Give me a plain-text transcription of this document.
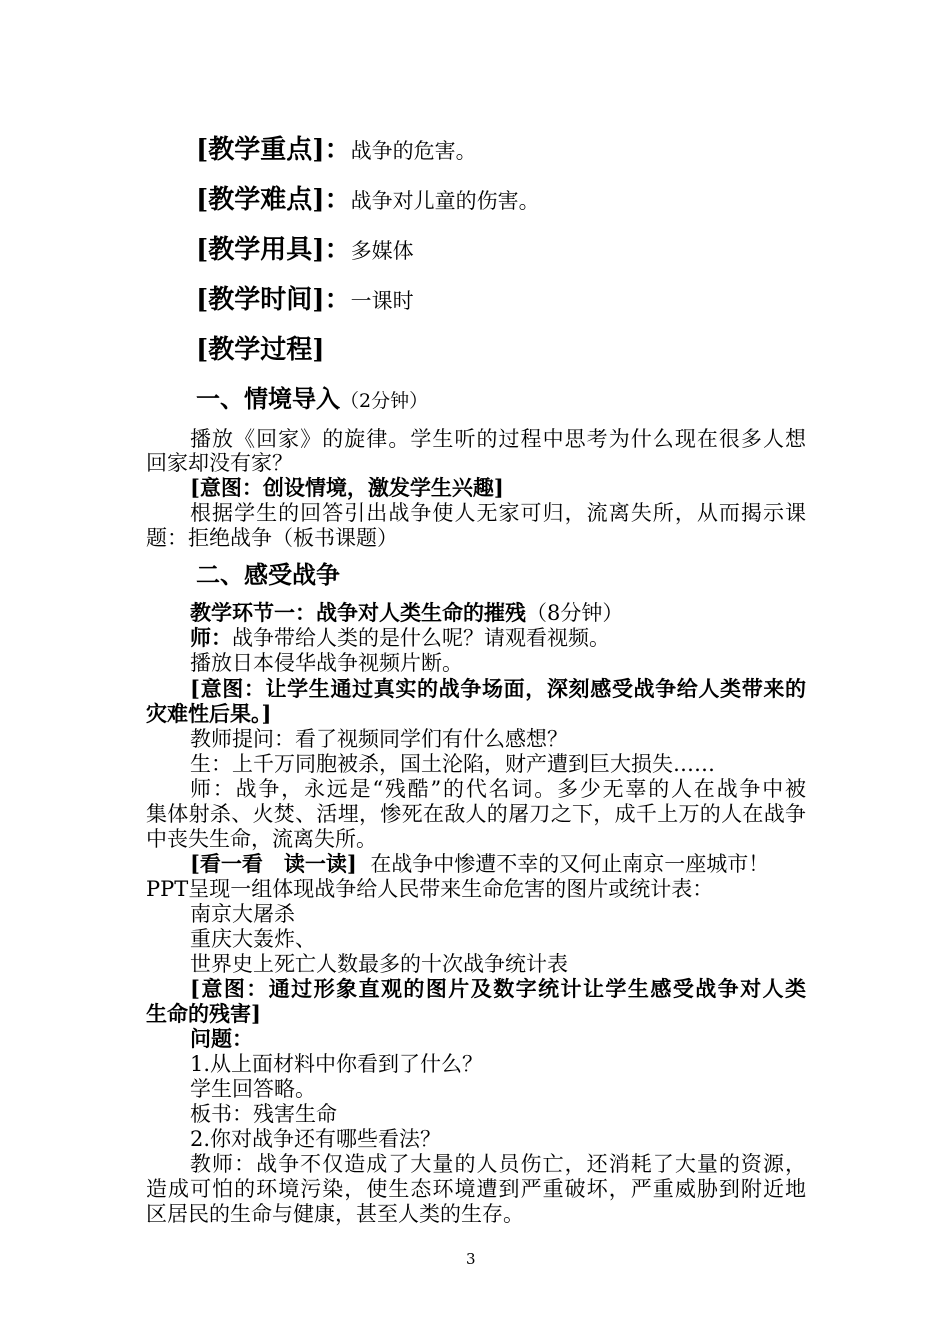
[教学重点]：战争的危害。
[教学难点]：战争对儿童的伤害。
[教学用具]：多媒体
[教学时间]：一课时
[教学过程]
一、情境导入（2分钟）
播放《回家》的旋律。学生听的过程中思考为什么现在很多人想
回家却没有家？
[意图：创设情境，激发学生兴趣]
根据学生的回答引出战争使人无家可归，流离失所，从而揭示课
题：拒绝战争（板书课题）
二、感受战争
教学环节一：战争对人类生命的摧残（8分钟）
师：战争带给人类的是什么呢？请观看视频。
播放日本侵华战争视频片断。
[意图：让学生通过真实的战争场面，深刻感受战争给人类带来的
灾难性后果。]
教师提问：看了视频同学们有什么感想？
生：上千万同胞被杀，国土沦陷，财产遭到巨大损失……
师：战争，永远是“残酷”的代名词。多少无辜的人在战争中被
集体射杀、火焚、活埋，惨死在敌人的屠刀之下，成千上万的人在战争
中丧失生命，流离失所。
[看一看　读一读] 在战争中惨遭不幸的又何止南京一座城市！
PPT呈现一组体现战争给人民带来生命危害的图片或统计表：
南京大屠杀
重庆大轰炸、
世界史上死亡人数最多的十次战争统计表
[意图：通过形象直观的图片及数字统计让学生感受战争对人类
生命的残害]
问题：
1.从上面材料中你看到了什么？
学生回答略。
板书：残害生命
2.你对战争还有哪些看法？
教师：战争不仅造成了大量的人员伤亡，还消耗了大量的资源，
造成可怕的环境污染，使生态环境遭到严重破坏，严重威胁到附近地
区居民的生命与健康，甚至人类的生存。
3
